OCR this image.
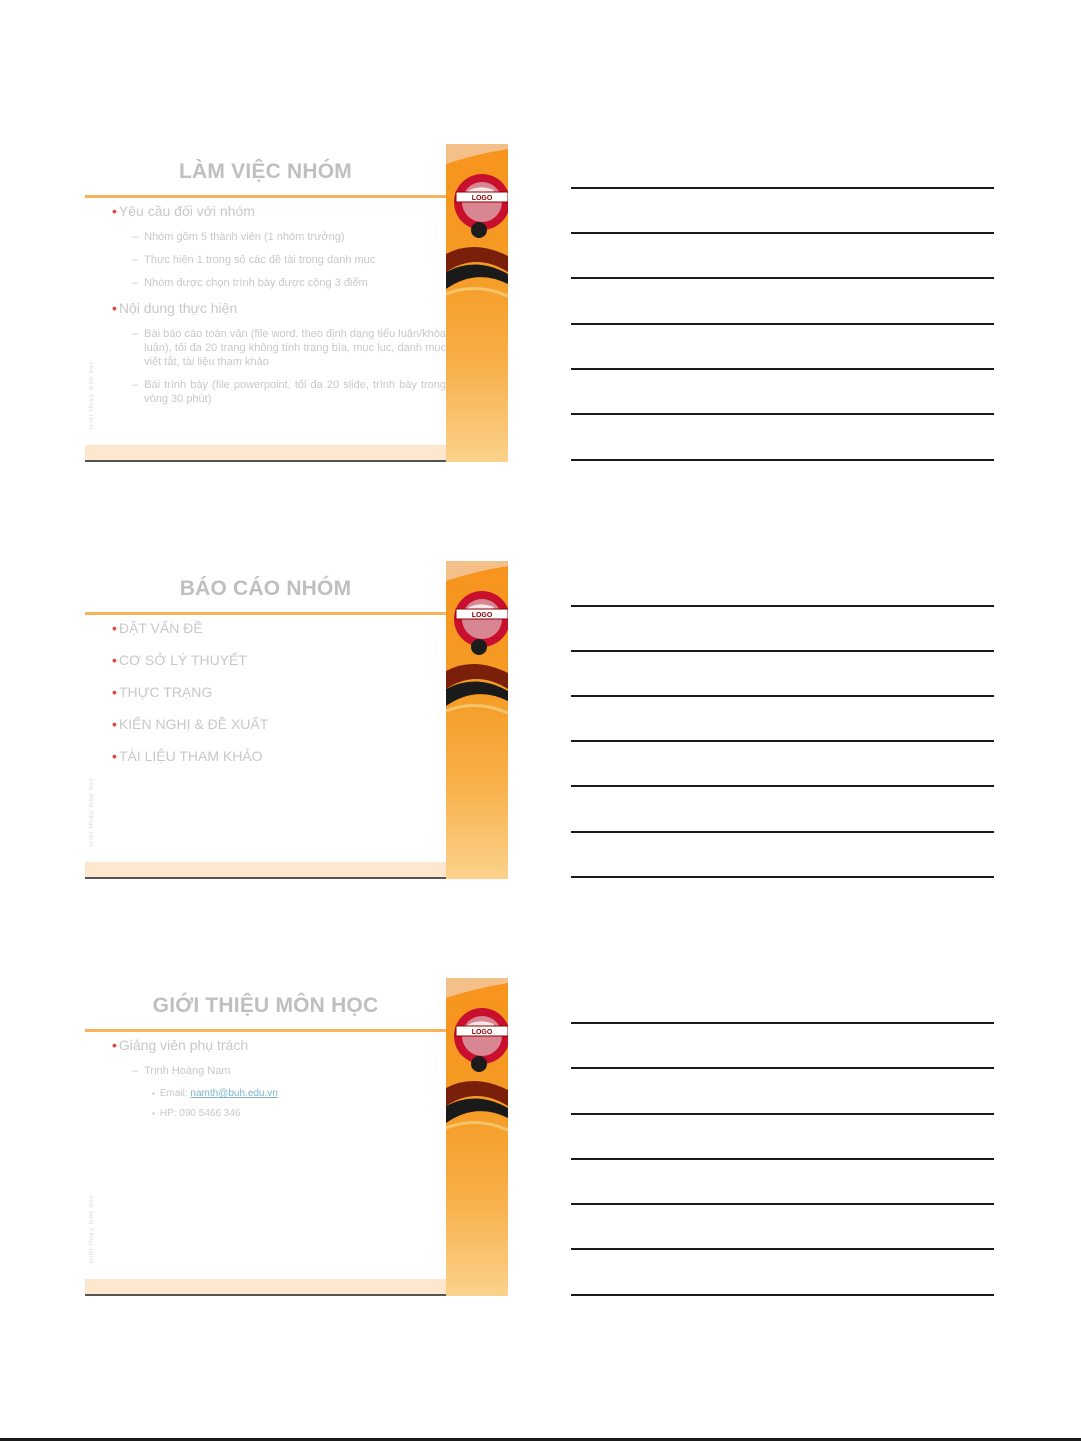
LÀM VIỆC NHÓM
Giới thiệu môn học
• Yêu cầu đối với nhóm
– Nhóm gồm 5 thành viên (1 nhóm trưởng)
– Thực hiện 1 trong số các đề tài trong danh mục
– Nhóm được chọn trình bày được cộng 3 điểm
• Nội dung thực hiện
– Bài báo cáo toàn văn (file word, theo định dạng tiểu luận/khóa luận), tối đa 20 trang không tính trang bìa, mục lục, danh mục viết tắt, tài liệu tham khảo
– Bài trình bày (file powerpoint, tối đa 20 slide, trình bày trong vòng 30 phút)
LOGO
BÁO CÁO NHÓM
Giới thiệu môn học
• ĐẶT VẤN ĐỀ
• CƠ SỞ LÝ THUYẾT
• THỰC TRẠNG
• KIẾN NGHỊ & ĐỀ XUẤT
• TÀI LIỆU THAM KHẢO
LOGO
GIỚI THIỆU MÔN HỌC
Giới thiệu môn học
• Giảng viên phụ trách
– Trịnh Hoàng Nam
▪ Email: namth@buh.edu.vn
▪ HP: 090 5466 346
LOGO
